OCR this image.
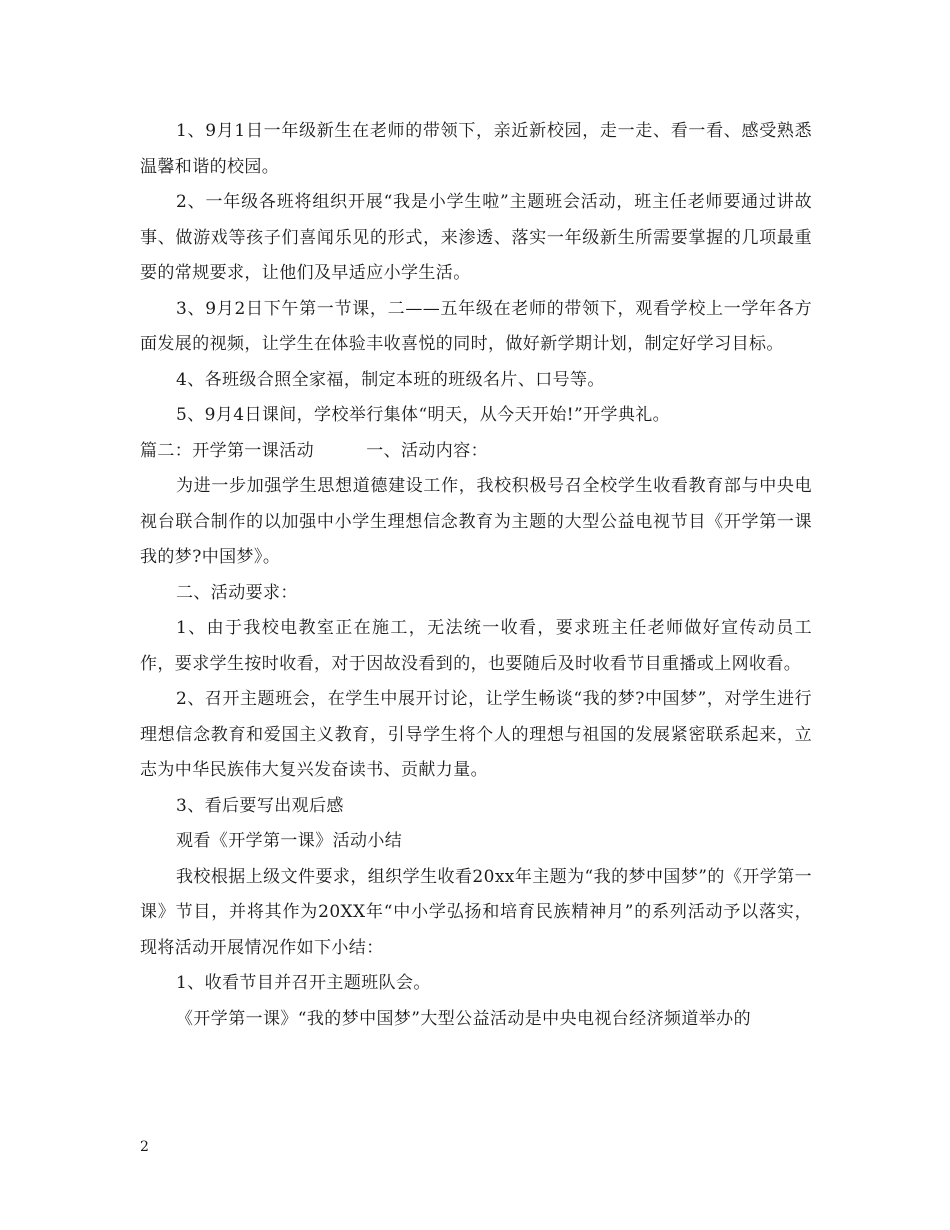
1、9月1日一年级新生在老师的带领下，亲近新校园，走一走、看一看、感受熟悉温馨和谐的校园。

2、一年级各班将组织开展“我是小学生啦”主题班会活动，班主任老师要通过讲故事、做游戏等孩子们喜闻乐见的形式，来渗透、落实一年级新生所需要掌握的几项最重要的常规要求，让他们及早适应小学生活。

3、9月2日下午第一节课，二——五年级在老师的带领下，观看学校上一学年各方面发展的视频，让学生在体验丰收喜悦的同时，做好新学期计划，制定好学习目标。

4、各班级合照全家福，制定本班的班级名片、口号等。

5、9月4日课间，学校举行集体“明天，从今天开始!”开学典礼。

篇二：开学第一课活动　　　一、活动内容：

为进一步加强学生思想道德建设工作，我校积极号召全校学生收看教育部与中央电视台联合制作的以加强中小学生理想信念教育为主题的大型公益电视节目《开学第一课我的梦?中国梦》。

二、活动要求：

1、由于我校电教室正在施工，无法统一收看，要求班主任老师做好宣传动员工作，要求学生按时收看，对于因故没看到的，也要随后及时收看节目重播或上网收看。

2、召开主题班会，在学生中展开讨论，让学生畅谈“我的梦?中国梦”，对学生进行理想信念教育和爱国主义教育，引导学生将个人的理想与祖国的发展紧密联系起来，立志为中华民族伟大复兴发奋读书、贡献力量。

3、看后要写出观后感

观看《开学第一课》活动小结

我校根据上级文件要求，组织学生收看20xx年主题为“我的梦中国梦”的《开学第一课》节目，并将其作为20XX年“中小学弘扬和培育民族精神月”的系列活动予以落实，现将活动开展情况作如下小结：

1、收看节目并召开主题班队会。

《开学第一课》“我的梦中国梦”大型公益活动是中央电视台经济频道举办的

2
